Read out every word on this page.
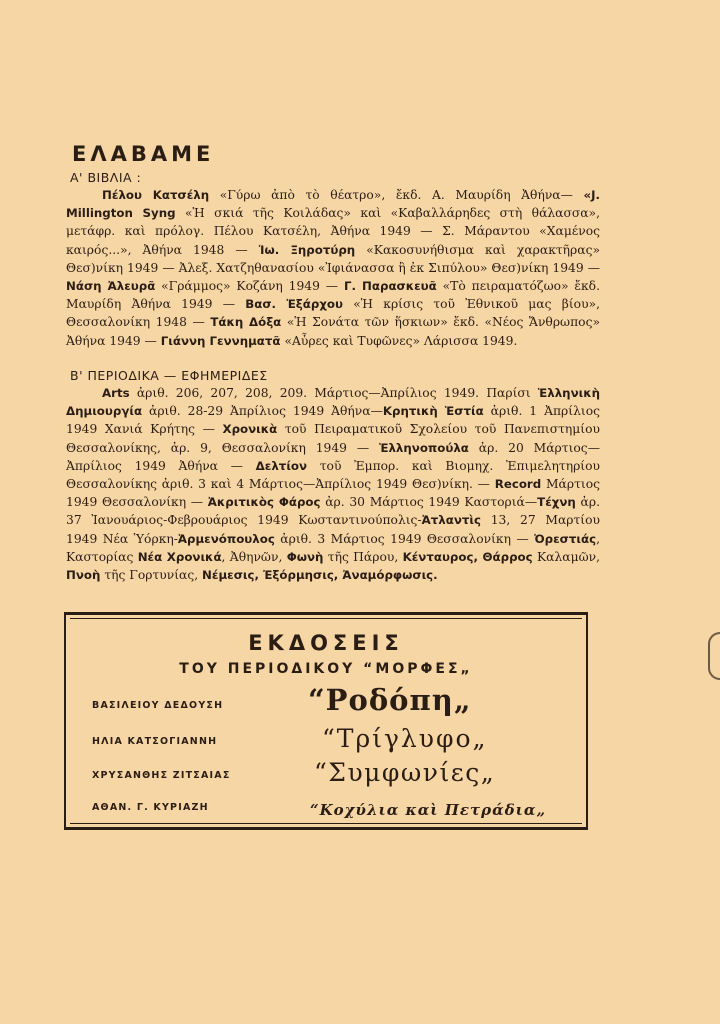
ΕΛΑΒΑΜΕ
Α' ΒΙΒΛΙΑ :
Πέλου Κατσέλη «Γύρω ἀπὸ τὸ θέατρο», ἔκδ. Α. Μαυρίδη Ἀθήνα— «J. Millington Syng «Ἡ σκιά τῆς Κοιλάδας» καὶ «Καβαλλάρηδες στὴ θάλασσα», μετάφρ. καὶ πρόλογ. Πέλου Κατσέλη, Ἀθήνα 1949 — Σ. Μάραντου «Χαμένος καιρός...», Ἀθήνα 1948 — Ἰω. Ξηροτύρη «Κακοσυνήθισμα καὶ χαρακτῆρας» Θεσ)νίκη 1949 — Ἀλεξ. Χατζηθανασίου «Ἰφιάνασσα ἢ ἐκ Σιπύλου» Θεσ)νίκη 1949 — Νάση Ἀλευρᾶ «Γράμμος» Κοζάνη 1949 — Γ. Παρασκευᾶ «Τὸ πειραματόζωο» ἔκδ. Μαυρίδη Ἀθήνα 1949 — Βασ. Ἐξάρχου «Ἡ κρίσις τοῦ Ἐθνικοῦ μας βίου», Θεσσαλονίκη 1948 — Τάκη Δόξα «Ἡ Σονάτα τῶν ἥσκιων» ἔκδ. «Νέος Ἄνθρωπος» Ἀθήνα 1949 — Γιάννη Γεννηματᾶ «Αὖρες καὶ Τυφῶνες» Λάρισσα 1949.
Β' ΠΕΡΙΟΔΙΚΑ — ΕΦΗΜΕΡΙΔΕΣ
Arts ἀριθ. 206, 207, 208, 209. Μάρτιος—Ἀπρίλιος 1949. Παρίσι Ἑλληνικὴ Δημιουργία ἀριθ. 28-29 Ἀπρίλιος 1949 Ἀθήνα—Κρητικὴ Ἑστία ἀριθ. 1 Ἀπρίλιος 1949 Χανιά Κρήτης — Χρονικὰ τοῦ Πειραματικοῦ Σχολείου τοῦ Πανεπιστημίου Θεσσαλονίκης, ἀρ. 9, Θεσσαλονίκη 1949 — Ἑλληνοπούλα ἀρ. 20 Μάρτιος—Ἀπρίλιος 1949 Ἀθήνα — Δελτίον τοῦ Ἐμπορ. καὶ Βιομηχ. Ἐπιμελητηρίου Θεσσαλονίκης ἀριθ. 3 καὶ 4 Μάρτιος—Ἀπρίλιος 1949 Θεσ)νίκη. — Record Μάρτιος 1949 Θεσσαλονίκη — Ἀκριτικὸς Φάρος ἀρ. 30 Μάρτιος 1949 Καστοριά—Τέχνη ἀρ. 37 Ἰανουάριος-Φεβρουάριος 1949 Κωσταντινούπολις-Ἀτλαντὶς 13, 27 Μαρτίου 1949 Νέα Ὑόρκη-Ἀρμενόπουλος ἀριθ. 3 Μάρτιος 1949 Θεσσαλονίκη — Ὀρεστιάς, Καστορίας Νέα Χρονικά, Ἀθηνῶν, Φωνὴ τῆς Πάρου, Κένταυρος, Θάρρος Καλαμῶν, Πνοὴ τῆς Γορτυνίας, Νέμεσις, Ἐξόρμησις, Ἀναμόρφωσις.
ΕΚΔΟΣΕΙΣ
ΤΟΥ ΠΕΡΙΟΔΙΚΟΥ “ΜΟΡΦΕΣ„
ΒΑΣΙΛΕΙΟΥ ΔΕΔΟΥΣΗ	“Ροδόπη„
ΗΛΙΑ ΚΑΤΣΟΓΙΑΝΝΗ	“Τρίγλυφο„
ΧΡΥΣΑΝΘΗΣ ΖΙΤΣΑΙΑΣ	“Συμφωνίες„
ΑΘΑΝ. Γ. ΚΥΡΙΑΖΗ	“Κοχύλια καὶ Πετράδια„
